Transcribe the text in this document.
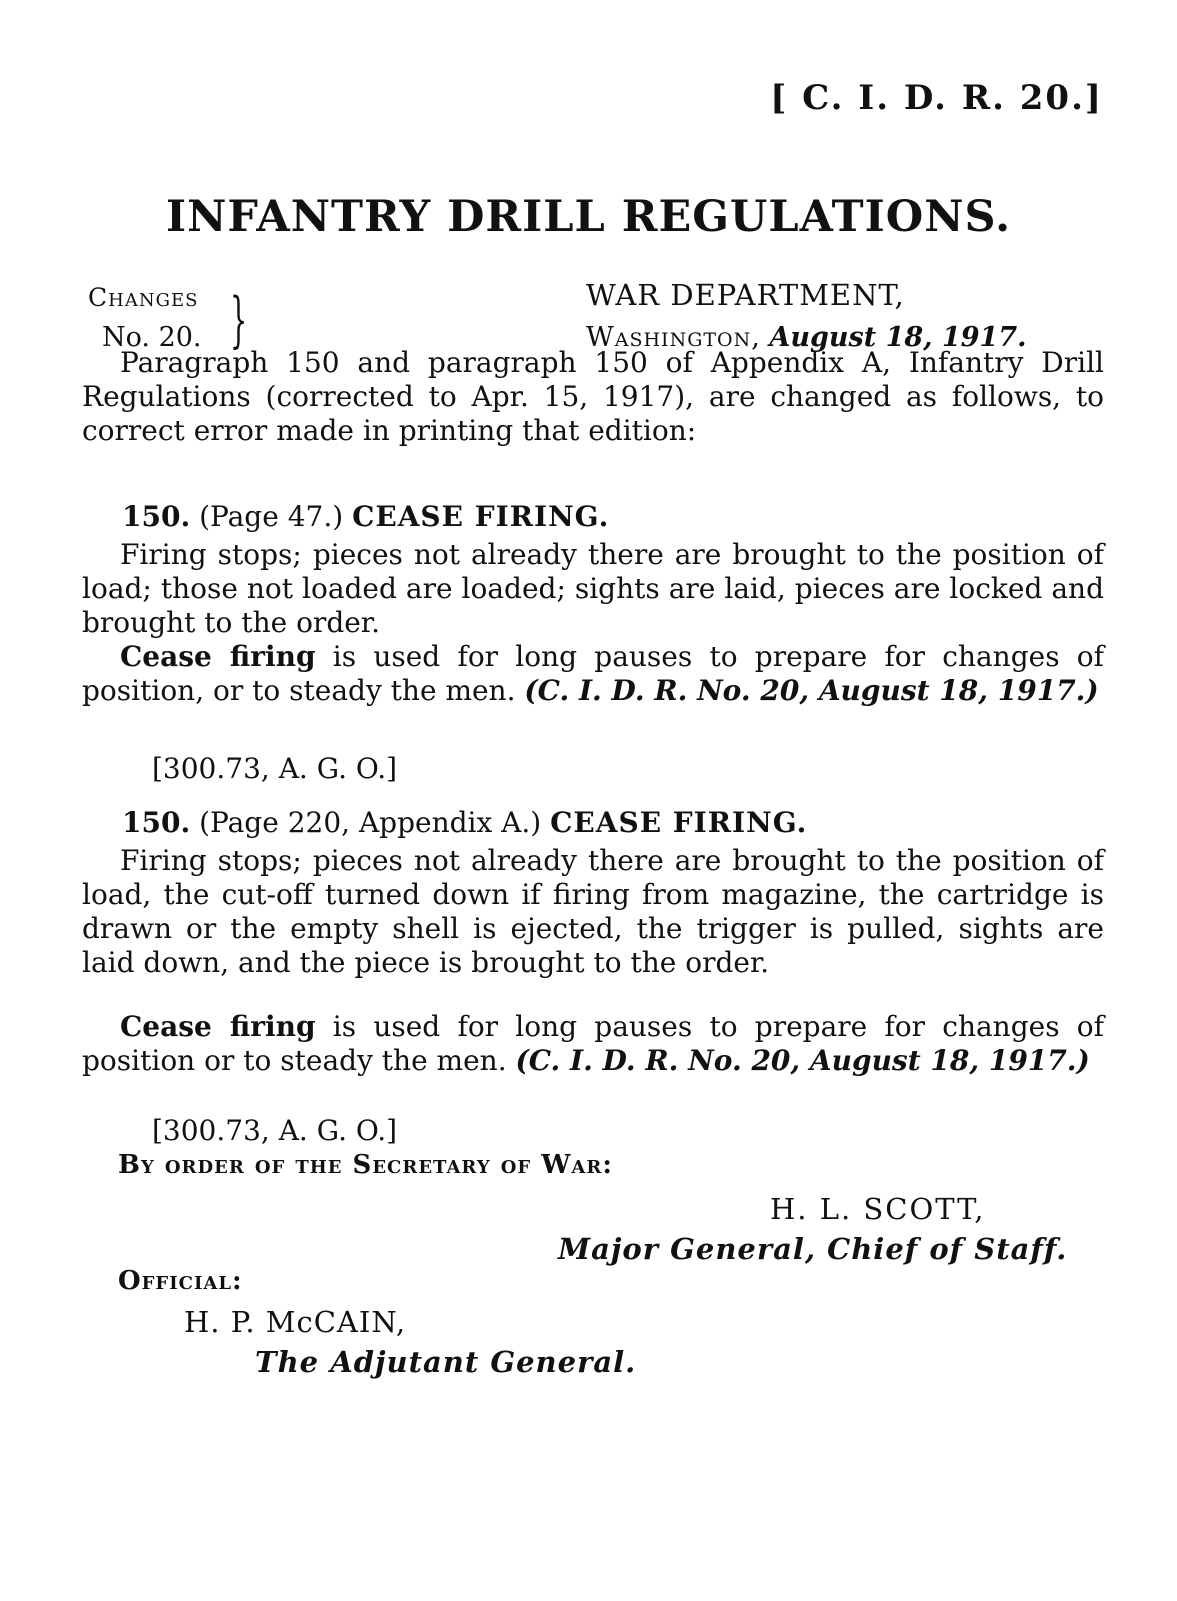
[ C. I. D. R. 20.]
INFANTRY DRILL REGULATIONS.
Changes
No. 20. }	WAR DEPARTMENT,
Washington, August 18, 1917.

Paragraph 150 and paragraph 150 of Appendix A, Infantry Drill Regulations (corrected to Apr. 15, 1917), are changed as follows, to correct error made in printing that edition:

150. (Page 47.) CEASE FIRING.

Firing stops; pieces not already there are brought to the position of load; those not loaded are loaded; sights are laid, pieces are locked and brought to the order.

Cease firing is used for long pauses to prepare for changes of position, or to steady the men. (C. I. D. R. No. 20, August 18, 1917.)

[300.73, A. G. O.]
150. (Page 220, Appendix A.) CEASE FIRING.

Firing stops; pieces not already there are brought to the position of load, the cut-off turned down if firing from magazine, the cartridge is drawn or the empty shell is ejected, the trigger is pulled, sights are laid down, and the piece is brought to the order.

Cease firing is used for long pauses to prepare for changes of position or to steady the men. (C. I. D. R. No. 20, August 18, 1917.)

[300.73, A. G. O.]
By order of the Secretary of War:
H. L. SCOTT,
Major General, Chief of Staff.
Official:
H. P. McCAIN,
The Adjutant General.
